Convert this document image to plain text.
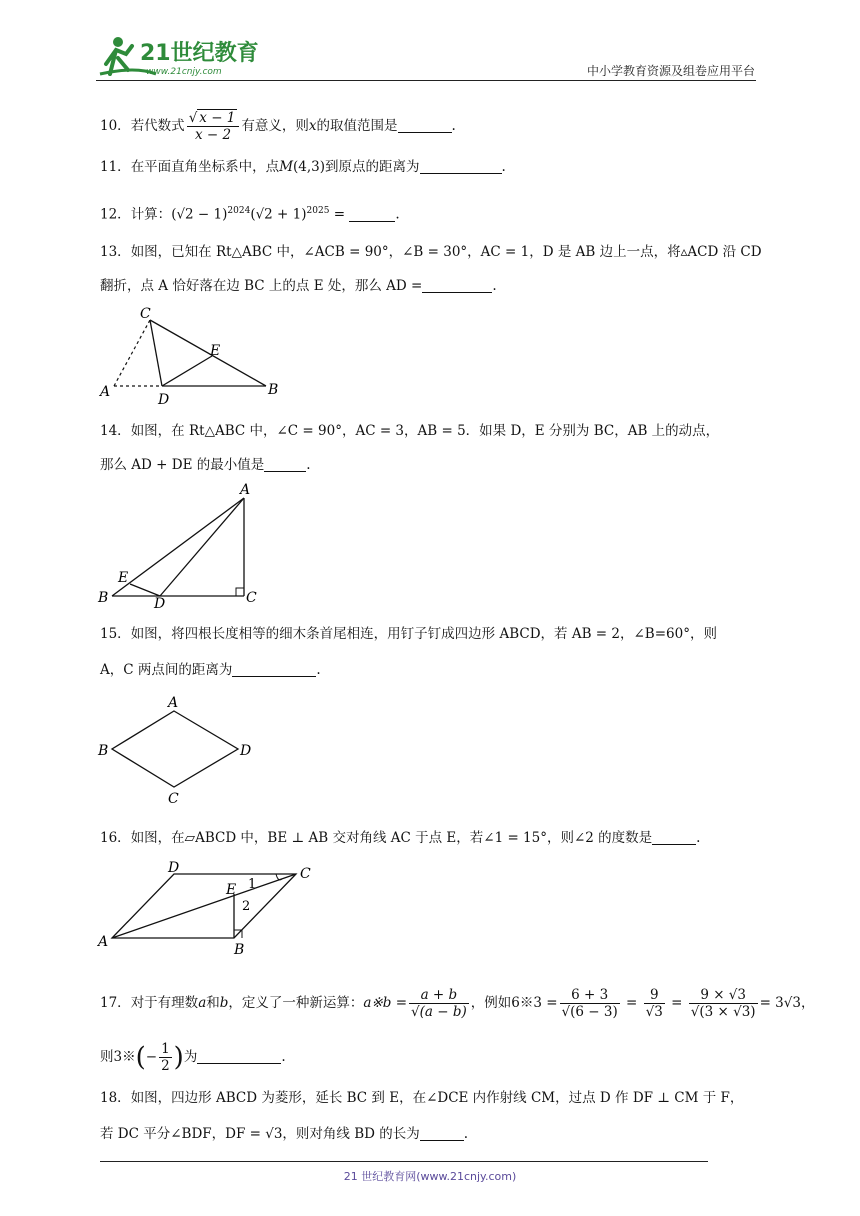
21世纪教育
www.21cnjy.com	中小学教育资源及组卷应用平台
10．若代数式 $\frac{√ x - 1}{x - 2}$ 有意义，则x的取值范围是	.
11．在平面直角坐标系中，点M(4,3)到原点的距离为	.
12．计算：$(√2 - 1)^{2024}(√2 + 1)^{2025}$ =	.
13．如图，已知在 Rt△ABC 中，∠ACB = 90°，∠B = 30°，AC = 1，D 是 AB 边上一点，将▵ACD 沿 CD
翻折，点 A 恰好落在边 BC 上的点 E 处，那么 AD =	.
C
E
A	D
B
14．如图，在 Rt△ABC 中，∠C = 90°，AC = 3，AB = 5．如果 D，E 分别为 BC，AB 上的动点，
那么 AD + DE 的最小值是	.
A
E
B	D	C
15．如图，将四根长度相等的细木条首尾相连，用钉子钉成四边形 ABCD，若 AB = 2，∠B=60°，则
A，C 两点间的距离为	.
A
B	D
C
16．如图，在▱ABCD 中，BE ⊥ AB 交对角线 AC 于点 E，若∠1 = 15°，则∠2 的度数是	.
D	C
E 1
2
A	B
17．对于有理数a和b，定义了一种新运算：a※b = $\frac{a + b}{√(a - b)}$ ，例如6※3 = $\frac{6 + 3}{√(6 - 3)} = \frac{9}{√3} = \frac{9 \times √3}{√(3 \times √3)} = 3√3$，
则3※(− $\frac{1}{2}$ )为	.
18．如图，四边形 ABCD 为菱形，延长 BC 到 E，在∠DCE 内作射线 CM，过点 D 作 DF ⊥ CM 于 F，
若 DC 平分∠BDF，DF = √3，则对角线 BD 的长为	.
21 世纪教育网(www.21cnjy.com)
